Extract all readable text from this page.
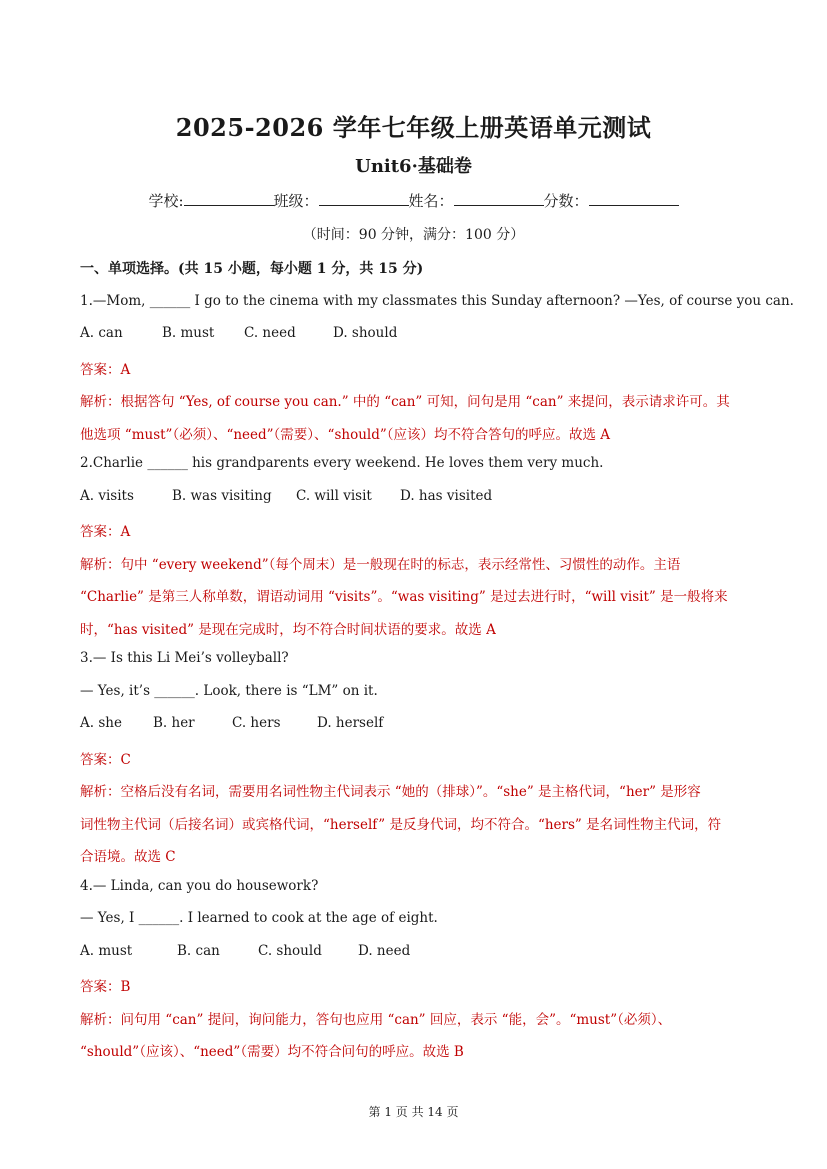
2025-2026 学年七年级上册英语单元测试
Unit6·基础卷
学校:	班级：	姓名：	分数：
（时间：90 分钟，满分：100 分）
一、单项选择。(共 15 小题，每小题 1 分，共 15 分)
1.—Mom, ______ I go to the cinema with my classmates this Sunday afternoon? —Yes, of course you can.
A. can	B. must C. need	D. should
答案：A
解析：根据答句 “Yes, of course you can.” 中的 “can” 可知，问句是用 “can” 来提问，表示请求许可。其
他选项 “must”（必须）、“need”（需要）、“should”（应该）均不符合答句的呼应。故选 A
2.Charlie ______ his grandparents every weekend. He loves them very much.
A. visits	B. was visiting C. will visit D. has visited
答案：A
解析：句中 “every weekend”（每个周末）是一般现在时的标志，表示经常性、习惯性的动作。主语
“Charlie” 是第三人称单数，谓语动词用 “visits”。“was visiting” 是过去进行时，“will visit” 是一般将来
时，“has visited” 是现在完成时，均不符合时间状语的要求。故选 A
3.— Is this Li Mei’s volleyball?
— Yes, it’s ______. Look, there is “LM” on it.
A. she B. her	C. hers	D. herself
答案：C
解析：空格后没有名词，需要用名词性物主代词表示 “她的（排球）”。“she” 是主格代词，“her” 是形容
词性物主代词（后接名词）或宾格代词，“herself” 是反身代词，均不符合。“hers” 是名词性物主代词，符
合语境。故选 C
4.— Linda, can you do housework?
— Yes, I ______. I learned to cook at the age of eight.
A. must	B. can	C. should	D. need
答案：B
解析：问句用 “can” 提问，询问能力，答句也应用 “can” 回应，表示 “能，会”。“must”（必须）、
“should”（应该）、“need”（需要）均不符合问句的呼应。故选 B
第 1 页 共 14 页
